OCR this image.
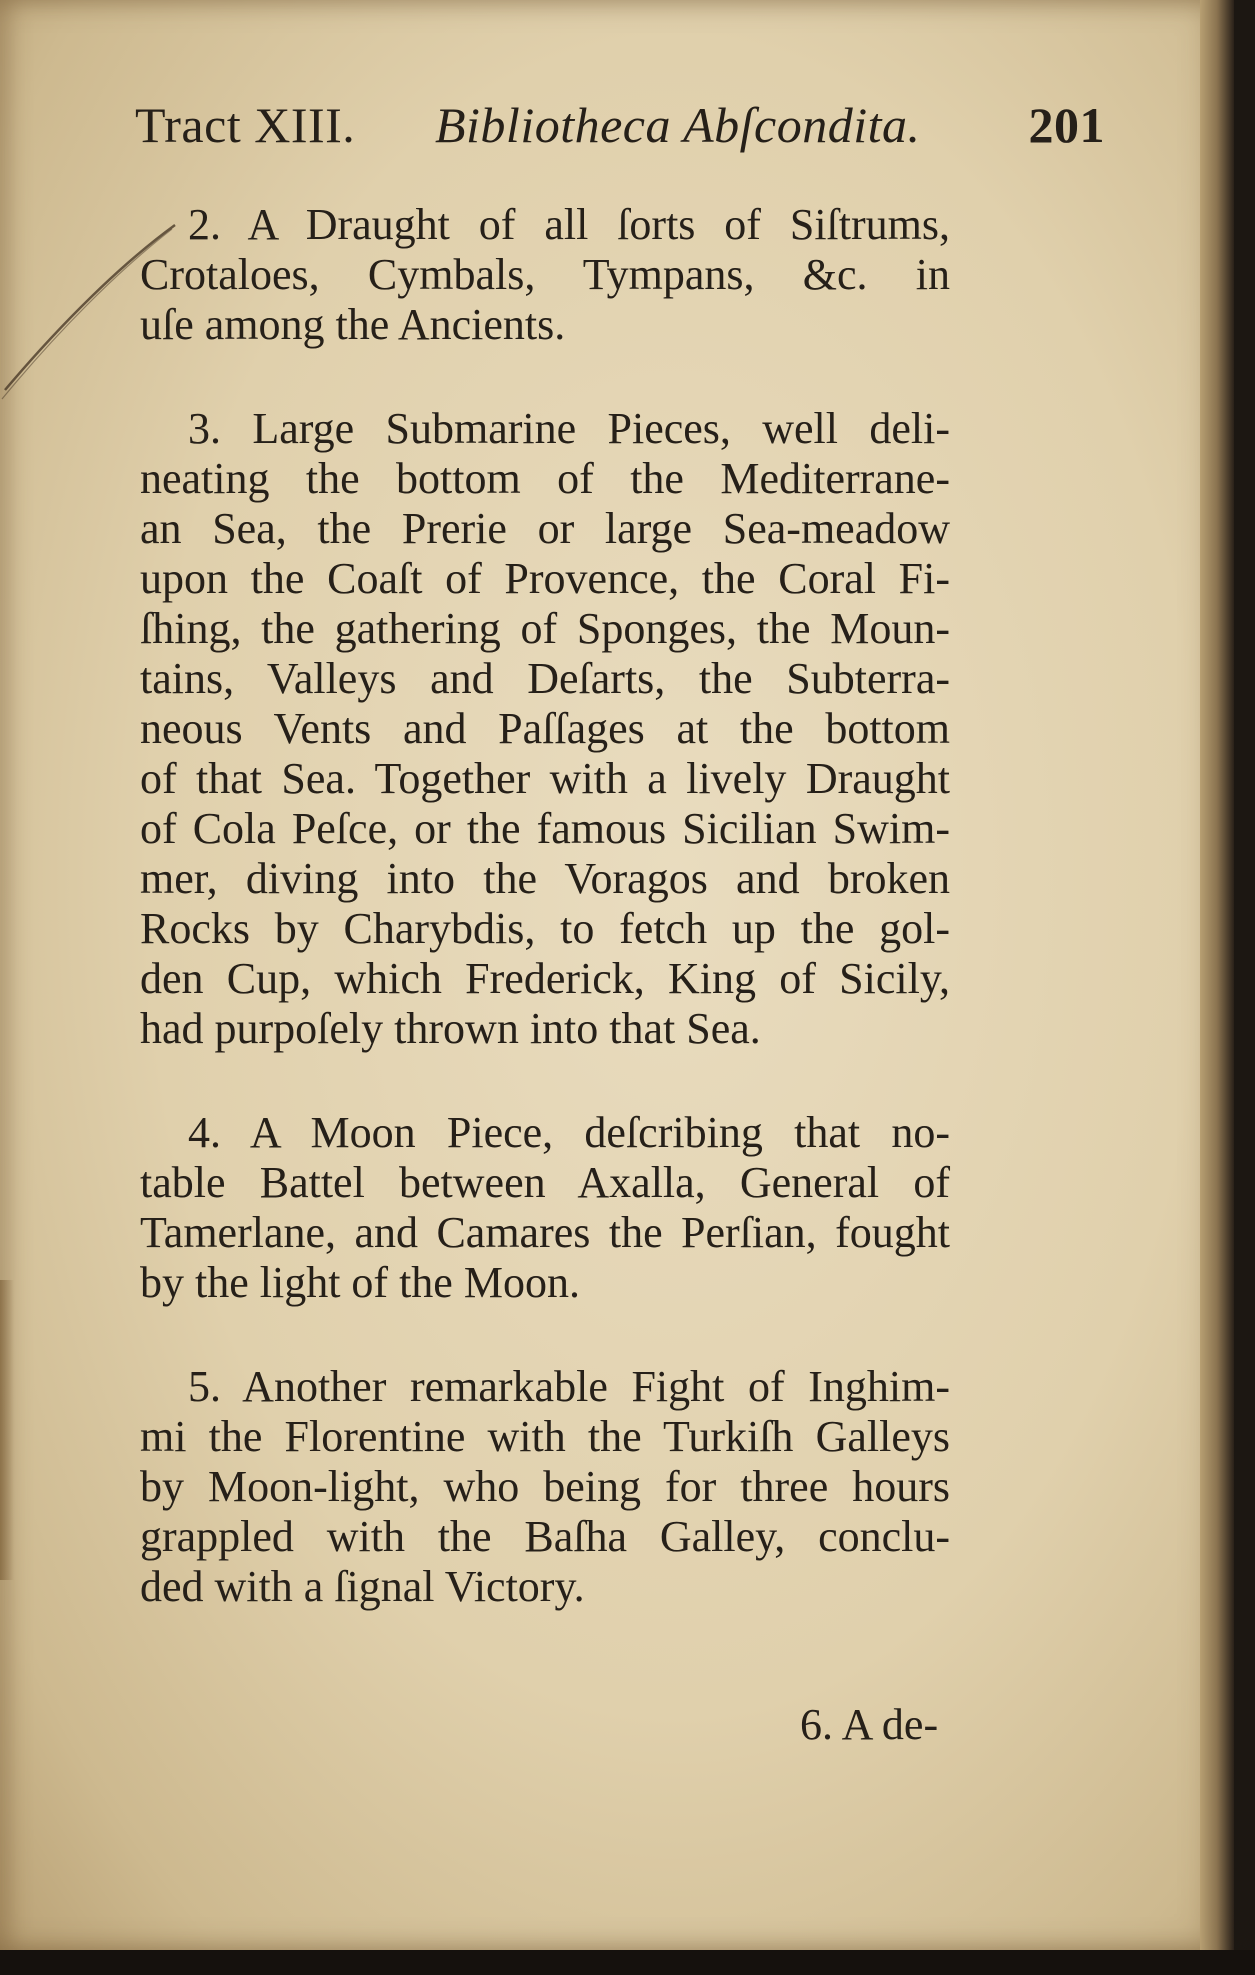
Tract XIII. Bibliotheca Abſcondita. 201
2. A Draught of all ſorts of Siſtrums,
Crotaloes, Cymbals, Tympans, &c. in
uſe among the Ancients.
3. Large Submarine Pieces, well deli-
neating the bottom of the Mediterrane-
an Sea, the Prerie or large Sea-meadow
upon the Coaſt of Provence, the Coral Fi-
ſhing, the gathering of Sponges, the Moun-
tains, Valleys and Deſarts, the Subterra-
neous Vents and Paſſages at the bottom
of that Sea. Together with a lively Draught
of Cola Peſce, or the famous Sicilian Swim-
mer, diving into the Voragos and broken
Rocks by Charybdis, to fetch up the gol-
den Cup, which Frederick, King of Sicily,
had purpoſely thrown into that Sea.
4. A Moon Piece, deſcribing that no-
table Battel between Axalla, General of
Tamerlane, and Camares the Perſian, fought
by the light of the Moon.
5. Another remarkable Fight of Inghim-
mi the Florentine with the Turkiſh Galleys
by Moon-light, who being for three hours
grappled with the Baſha Galley, conclu-
ded with a ſignal Victory.
6. A de-
